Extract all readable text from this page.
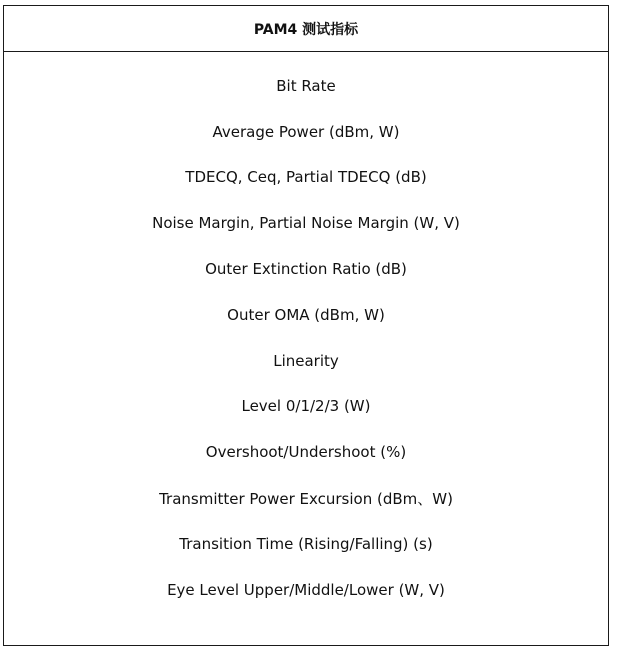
PAM4 测试指标
Bit Rate
Average Power (dBm, W)
TDECQ, Ceq, Partial TDECQ (dB)
Noise Margin, Partial Noise Margin (W, V)
Outer Extinction Ratio (dB)
Outer OMA (dBm, W)
Linearity
Level 0/1/2/3 (W)
Overshoot/Undershoot (%)
Transmitter Power Excursion (dBm、W)
Transition Time (Rising/Falling) (s)
Eye Level Upper/Middle/Lower (W, V)
